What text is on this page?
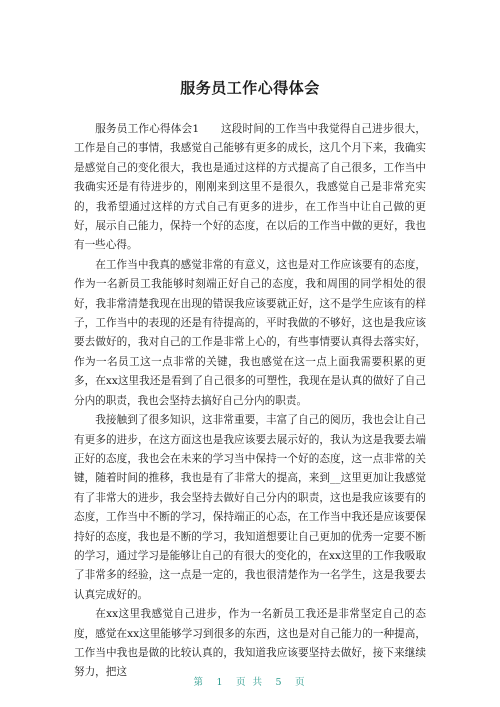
服务员工作心得体会

服务员工作心得体会1　　这段时间的工作当中我觉得自己进步很大，工作是自己的事情，我感觉自己能够有更多的成长，这几个月下来，我确实是感觉自己的变化很大，我也是通过这样的方式提高了自己很多，工作当中我确实还是有待进步的，刚刚来到这里不是很久，我感觉自己是非常充实的，我希望通过这样的方式自己有更多的进步，在工作当中让自己做的更好，展示自己能力，保持一个好的态度，在以后的工作当中做的更好，我也有一些心得。

在工作当中我真的感觉非常的有意义，这也是对工作应该要有的态度，作为一名新员工我能够时刻端正好自己的态度，我和周围的同学相处的很好，我非常清楚我现在出现的错误我应该要就正好，这不是学生应该有的样子，工作当中的表现的还是有待提高的，平时我做的不够好，这也是我应该要去做好的，我对自己的工作是非常上心的，有些事情要认真得去落实好，作为一名员工这一点非常的关键，我也感觉在这一点上面我需要积累的更多，在xx这里我还是看到了自己很多的可塑性，我现在是认真的做好了自己分内的职责，我也会坚持去搞好自己分内的职责。

我接触到了很多知识，这非常重要，丰富了自己的阅历，我也会让自己有更多的进步，在这方面这也是我应该要去展示好的，我认为这是我要去端正好的态度，我也会在未来的学习当中保持一个好的态度，这一点非常的关键，随着时间的推移，我也是有了非常大的提高，来到__这里更加让我感觉有了非常大的进步，我会坚持去做好自己分内的职责，这也是我应该要有的态度，工作当中不断的学习，保持端正的心态，在工作当中我还是应该要保持好的态度，我也是不断的学习，我知道想要让自己更加的优秀一定要不断的学习，通过学习是能够让自己的有很大的变化的，在xx这里的工作我吸取了非常多的经验，这一点是一定的，我也很清楚作为一名学生，这是我要去认真完成好的。

在xx这里我感觉自己进步，作为一名新员工我还是非常坚定自己的态度，感觉在xx这里能够学习到很多的东西，这也是对自己能力的一种提高，工作当中我也是做的比较认真的，我知道我应该要坚持去做好，接下来继续努力，把这

第　1　页 共　5　页
